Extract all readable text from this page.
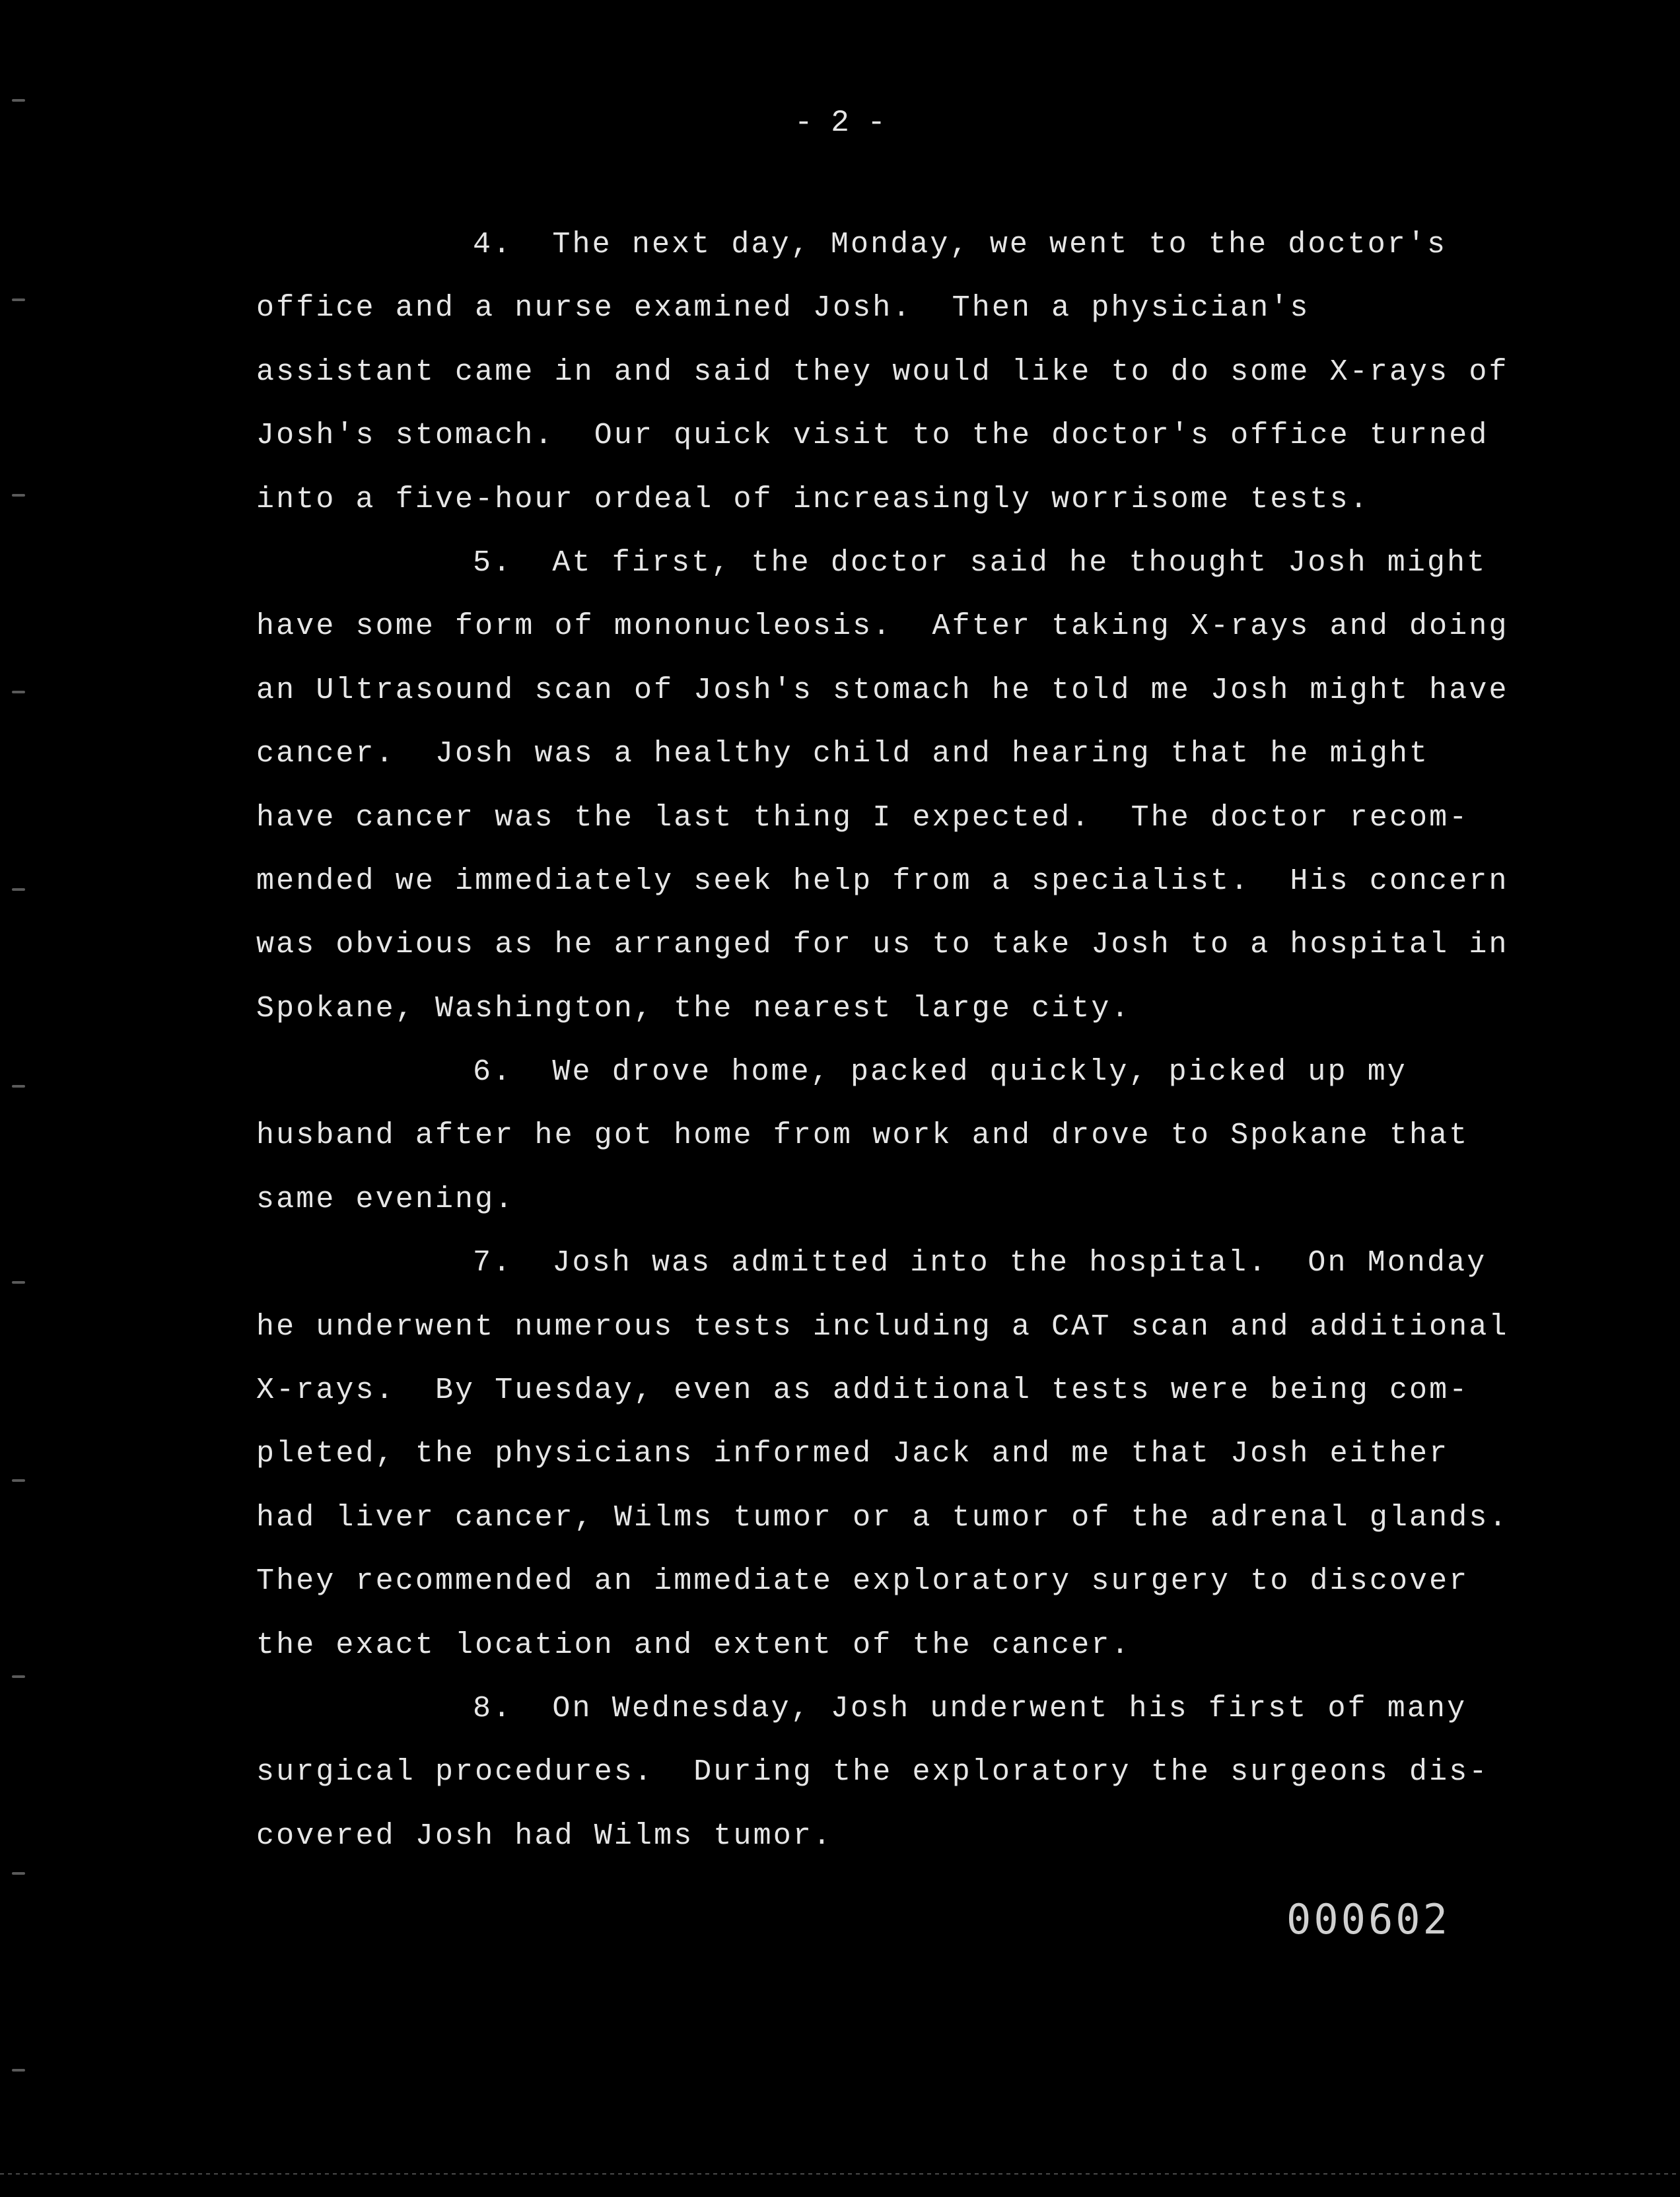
- 2 -
4.  The next day, Monday, we went to the doctor's
office and a nurse examined Josh.  Then a physician's
assistant came in and said they would like to do some X-rays of
Josh's stomach.  Our quick visit to the doctor's office turned
into a five-hour ordeal of increasingly worrisome tests.
5.  At first, the doctor said he thought Josh might
have some form of mononucleosis.  After taking X-rays and doing
an Ultrasound scan of Josh's stomach he told me Josh might have
cancer.  Josh was a healthy child and hearing that he might
have cancer was the last thing I expected.  The doctor recom-
mended we immediately seek help from a specialist.  His concern
was obvious as he arranged for us to take Josh to a hospital in
Spokane, Washington, the nearest large city.
6.  We drove home, packed quickly, picked up my
husband after he got home from work and drove to Spokane that
same evening.
7.  Josh was admitted into the hospital.  On Monday
he underwent numerous tests including a CAT scan and additional
X-rays.  By Tuesday, even as additional tests were being com-
pleted, the physicians informed Jack and me that Josh either
had liver cancer, Wilms tumor or a tumor of the adrenal glands.
They recommended an immediate exploratory surgery to discover
the exact location and extent of the cancer.
8.  On Wednesday, Josh underwent his first of many
surgical procedures.  During the exploratory the surgeons dis-
covered Josh had Wilms tumor.
000602
